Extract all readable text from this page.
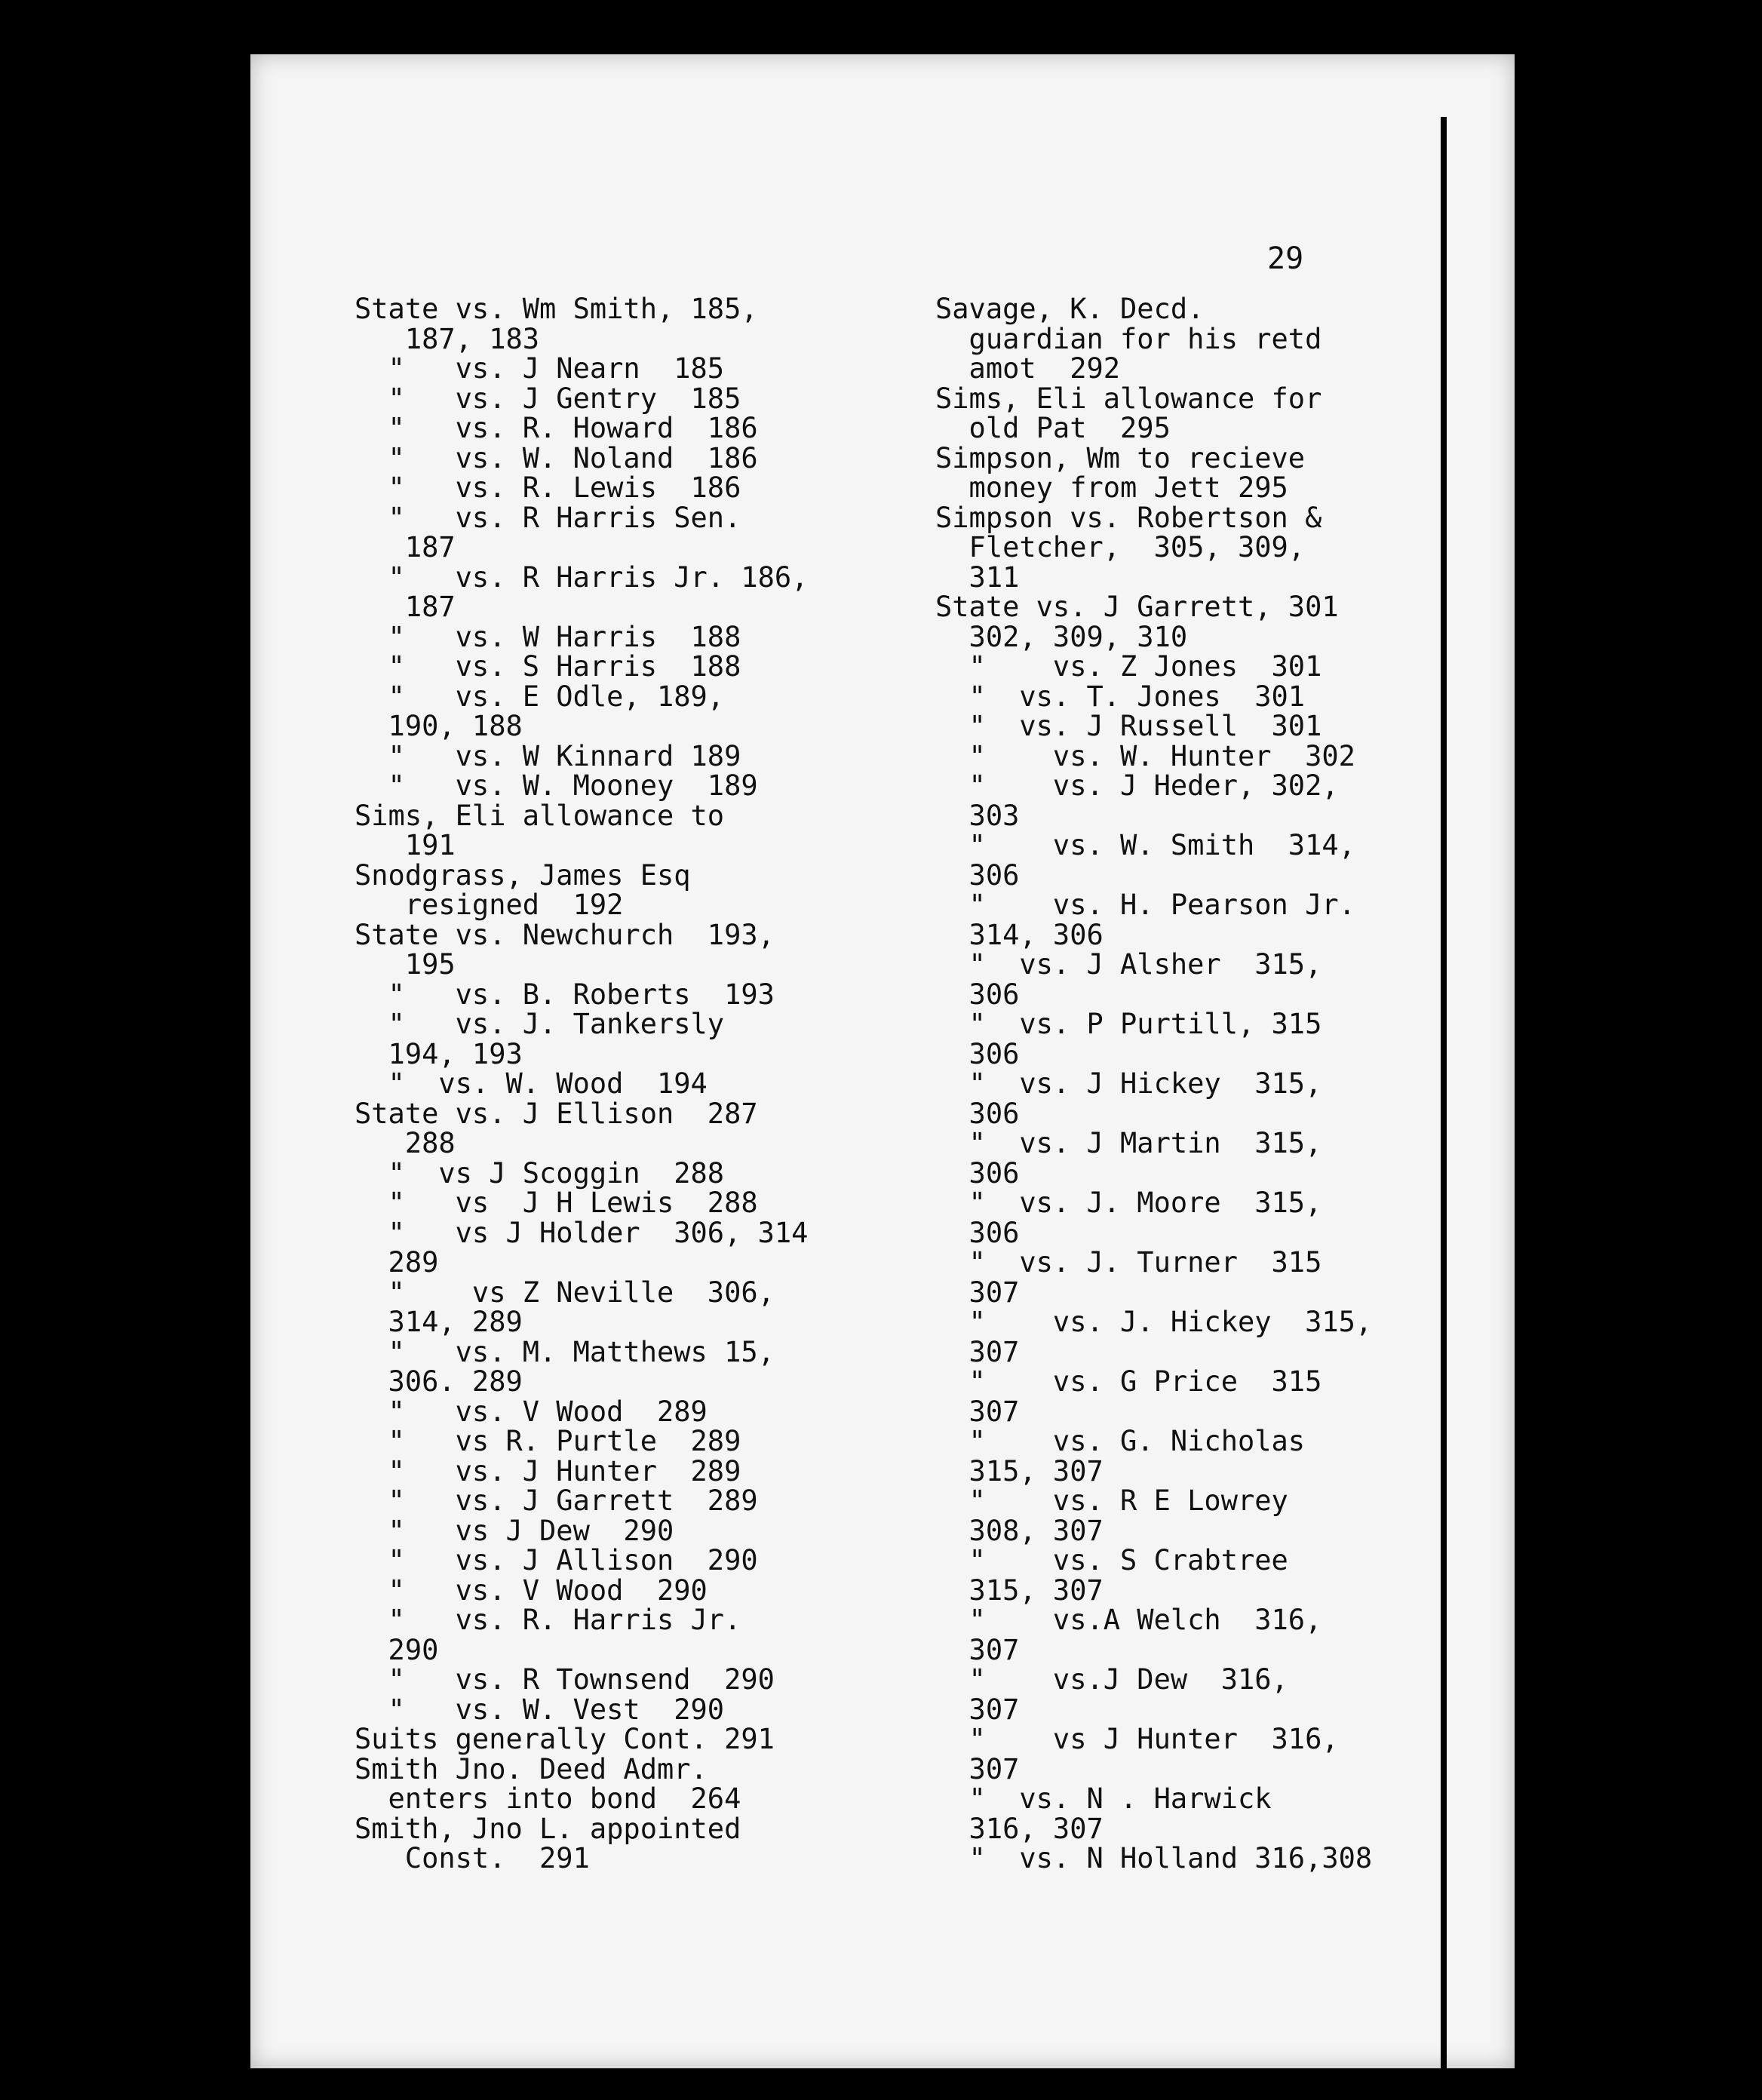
29
State vs. Wm Smith, 185,
187, 183
"   vs. J Nearn  185
"   vs. J Gentry  185
"   vs. R. Howard  186
"   vs. W. Noland  186
"   vs. R. Lewis  186
"   vs. R Harris Sen.
187
"   vs. R Harris Jr. 186,
187
"   vs. W Harris  188
"   vs. S Harris  188
"   vs. E Odle, 189,
190, 188
"   vs. W Kinnard 189
"   vs. W. Mooney  189
Sims, Eli allowance to
191
Snodgrass, James Esq
resigned  192
State vs. Newchurch  193,
195
"   vs. B. Roberts  193
"   vs. J. Tankersly
194, 193
"  vs. W. Wood  194
State vs. J Ellison  287
288
"  vs J Scoggin  288
"   vs  J H Lewis  288
"   vs J Holder  306, 314
289
"    vs Z Neville  306,
314, 289
"   vs. M. Matthews 15,
306. 289
"   vs. V Wood  289
"   vs R. Purtle  289
"   vs. J Hunter  289
"   vs. J Garrett  289
"   vs J Dew  290
"   vs. J Allison  290
"   vs. V Wood  290
"   vs. R. Harris Jr.
290
"   vs. R Townsend  290
"   vs. W. Vest  290
Suits generally Cont. 291
Smith Jno. Deed Admr.
enters into bond  264
Smith, Jno L. appointed
Const.  291
Savage, K. Decd.
guardian for his retd
amot  292
Sims, Eli allowance for
old Pat  295
Simpson, Wm to recieve
money from Jett 295
Simpson vs. Robertson &
Fletcher,  305, 309,
311
State vs. J Garrett, 301
302, 309, 310
"    vs. Z Jones  301
"  vs. T. Jones  301
"  vs. J Russell  301
"    vs. W. Hunter  302
"    vs. J Heder, 302,
303
"    vs. W. Smith  314,
306
"    vs. H. Pearson Jr.
314, 306
"  vs. J Alsher  315,
306
"  vs. P Purtill, 315
306
"  vs. J Hickey  315,
306
"  vs. J Martin  315,
306
"  vs. J. Moore  315,
306
"  vs. J. Turner  315
307
"    vs. J. Hickey  315,
307
"    vs. G Price  315
307
"    vs. G. Nicholas
315, 307
"    vs. R E Lowrey
308, 307
"    vs. S Crabtree
315, 307
"    vs.A Welch  316,
307
"    vs.J Dew  316,
307
"    vs J Hunter  316,
307
"  vs. N . Harwick
316, 307
"  vs. N Holland 316,308
